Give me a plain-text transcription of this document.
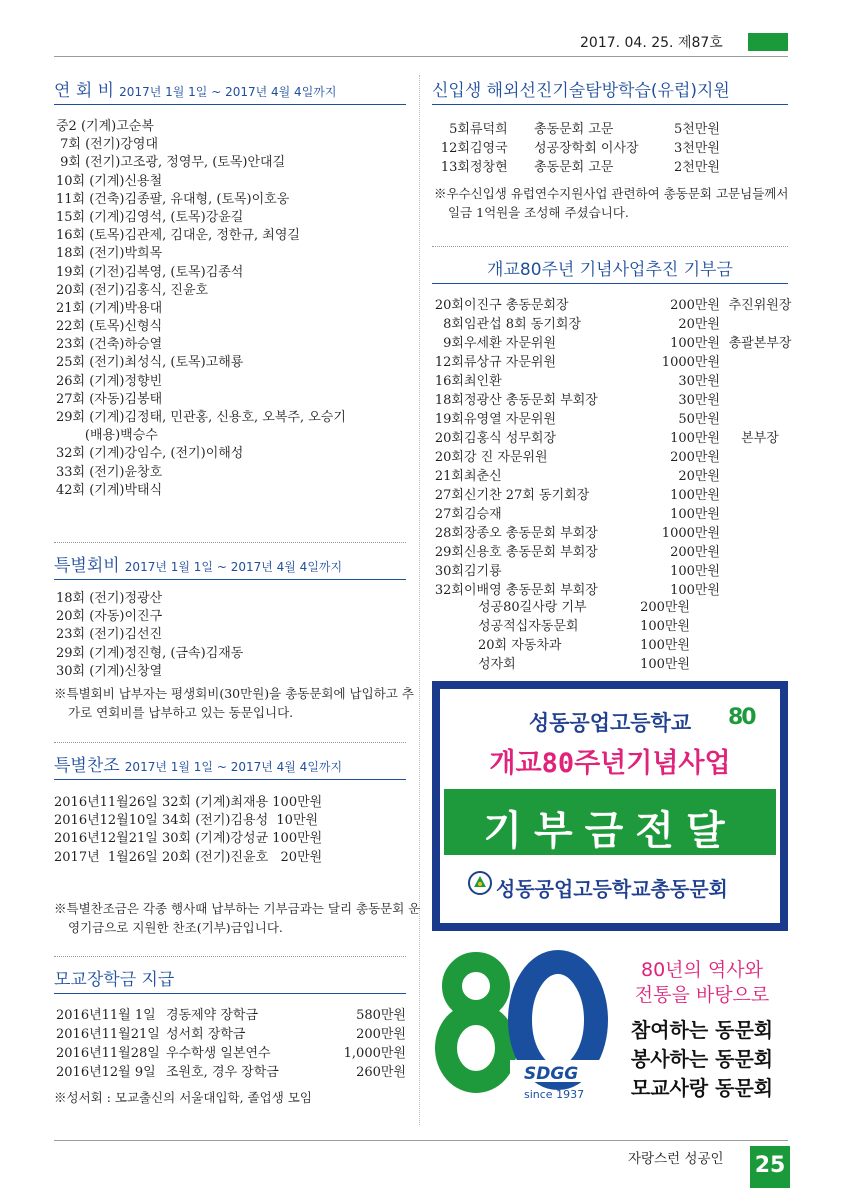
2017. 04. 25. 제87호
연 회 비 2017년 1월 1일 ~ 2017년 4월 4일까지
중2 (기계)고순복
7회 (전기)강영대
9회 (전기)고조광, 정영무, (토목)안대길
10회 (기계)신용철
11회 (건축)김종팔, 유대형, (토목)이호웅
15회 (기계)김영석, (토목)강윤길
16회 (토목)김관제, 김대운, 정한규, 최영길
18회 (전기)박희목
19회 (기전)김복영, (토목)김종석
20회 (전기)김홍식, 진윤호
21회 (기계)박용대
22회 (토목)신형식
23회 (건축)하승열
25회 (전기)최성식, (토목)고해룡
26회 (기계)정향빈
27회 (자동)김봉태
29회 (기계)김정태, 민관홍, 신용호, 오복주, 오승기
(배용)백승수
32회 (기계)강임수, (전기)이해성
33회 (전기)윤창호
42회 (기계)박태식
특별회비 2017년 1월 1일 ~ 2017년 4월 4일까지
18회 (전기)정광산
20회 (자동)이진구
23회 (전기)김선진
29회 (기계)정진형, (금속)김재동
30회 (기계)신창열
※특별회비 납부자는 평생회비(30만원)을 총동문회에 납입하고 추가로 연회비를 납부하고 있는 동문입니다.
특별찬조 2017년 1월 1일 ~ 2017년 4월 4일까지
2016년11월26일 32회 (기계)최재용 100만원
2016년12월10일 34회 (전기)김용성  10만원
2016년12월21일 30회 (기계)강성균 100만원
2017년  1월26일 20회 (전기)진윤호   20만원
※특별찬조금은 각종 행사때 납부하는 기부금과는 달리 총동문회 운영기금으로 지원한 찬조(기부)금입니다.
모교장학금 지급
2016년11월 1일	경동제약 장학금	580만원
2016년11월21일	성서회 장학금	200만원
2016년11월28일	우수학생 일본연수	1,000만원
2016년12월 9일	조원호, 경우 장학금	260만원
※성서회 : 모교출신의 서울대입학, 졸업생 모임
신입생 해외선진기술탐방학습(유럽)지원
5회	류덕희	총동문회 고문	5천만원
12회	김영국	성공장학회 이사장	3천만원
13회	정창현	총동문회 고문	2천만원
※우수신입생 유럽연수지원사업 관련하여 총동문회 고문님들께서 일금 1억원을 조성해 주셨습니다.
개교80주년 기념사업추진 기부금
20회	이진구 총동문회장	200만원	추진위원장
8회	임관섭 8회 동기회장	20만원	
9회	우세환 자문위원	100만원	총괄본부장
12회	류상규 자문위원	1000만원	
16회	최인환	30만원	
18회	정광산 총동문회 부회장	30만원	
19회	유영열 자문위원	50만원	
20회	김홍식 성무회장	100만원	본부장
20회	강 진 자문위원	200만원	
21회	최춘신	20만원	
27회	신기찬 27회 동기회장	100만원	
27회	김승재	100만원	
28회	장종오 총동문회 부회장	1000만원	
29회	신용호 총동문회 부회장	200만원	
30회	김기룡	100만원	
32회	이배영 총동문회 부회장	100만원	
성공80길사랑 기부	200만원
성공적십자동문회	100만원
20회 자동차과	100만원
성자회	100만원
성동공업고등학교
개교80주년기념사업
기부금전달
성동공업고등학교총동문회
80
SDGG
since 1937
80년의 역사와
전통을 바탕으로
참여하는 동문회
봉사하는 동문회
모교사랑 동문회
자랑스런 성공인 25
